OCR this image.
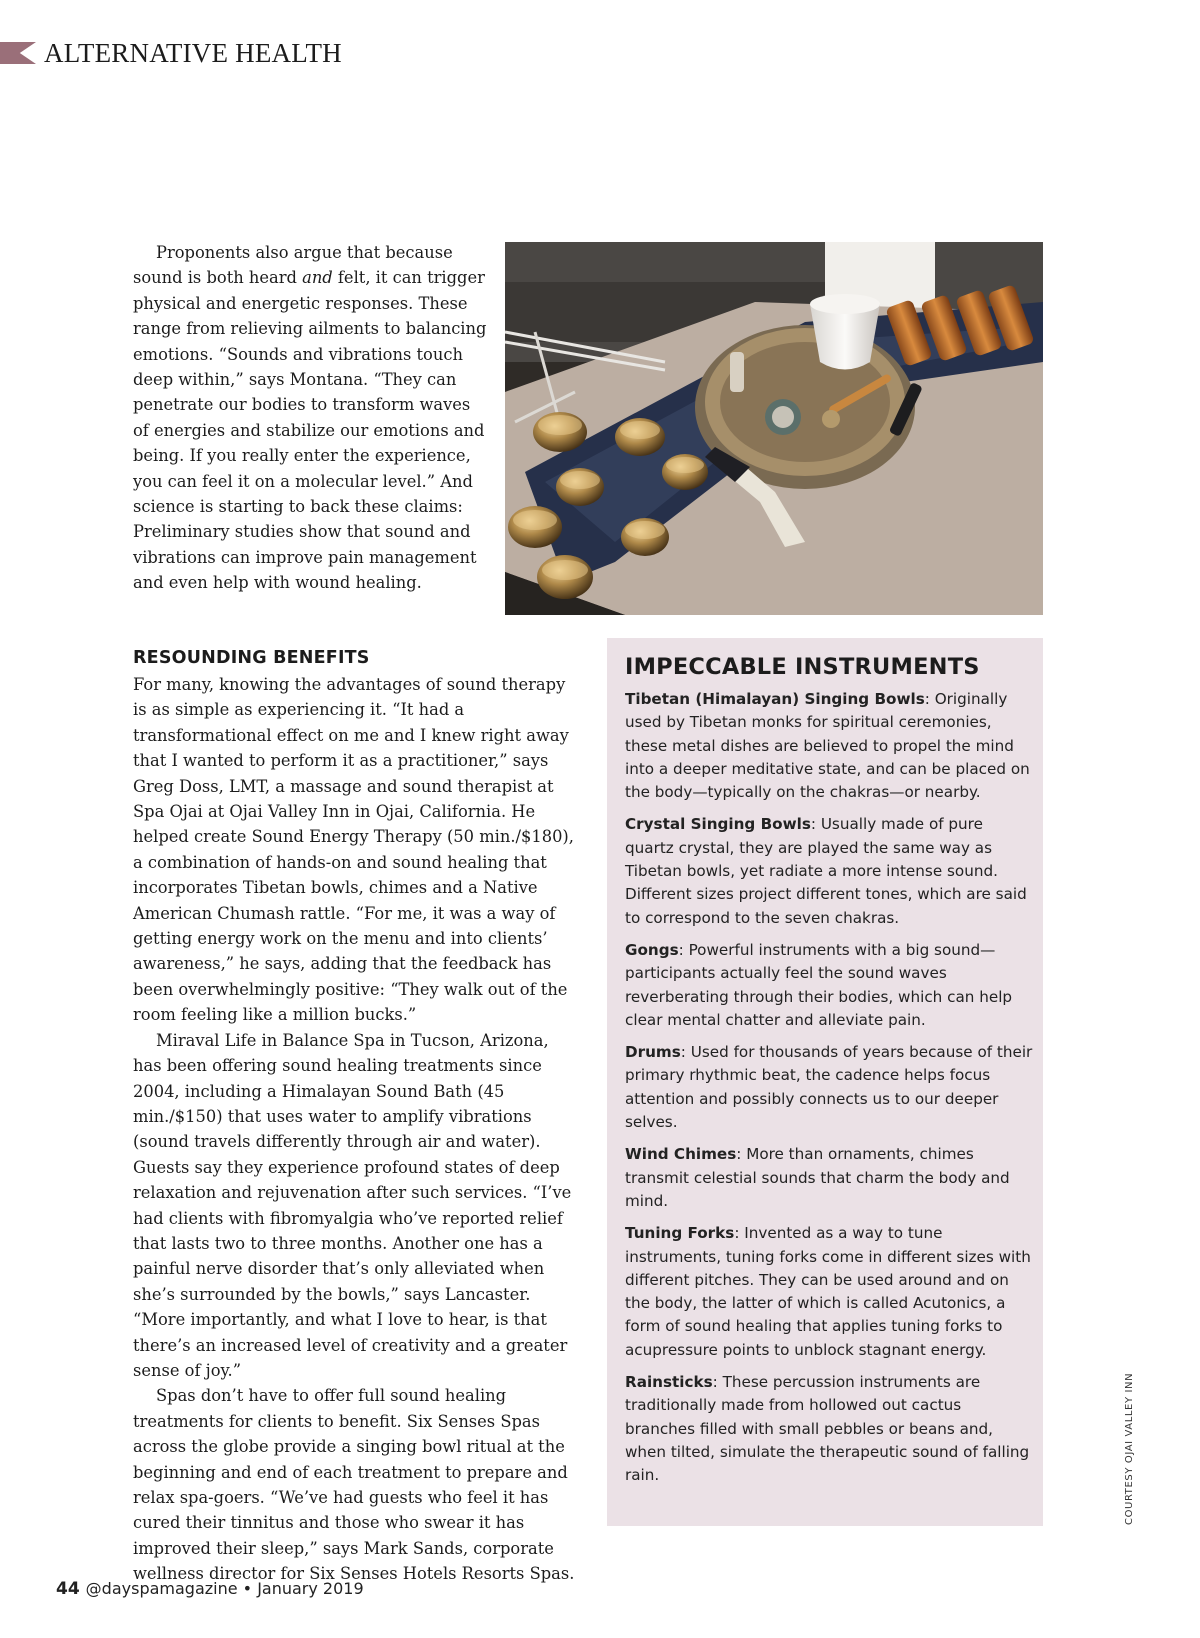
ALTERNATIVE HEALTH

Proponents also argue that because sound is both heard and felt, it can trigger physical and energetic responses. These range from relieving ailments to balancing emotions. “Sounds and vibrations touch deep within,” says Montana. “They can penetrate our bodies to transform waves of energies and stabilize our emotions and being. If you really enter the experience, you can feel it on a molecular level.” And science is starting to back these claims: Preliminary studies show that sound and vibrations can improve pain management and even help with wound healing.

RESOUNDING BENEFITS

For many, knowing the advantages of sound therapy is as simple as experiencing it. “It had a transformational effect on me and I knew right away that I wanted to perform it as a practitioner,” says Greg Doss, LMT, a massage and sound therapist at Spa Ojai at Ojai Valley Inn in Ojai, California. He helped create Sound Energy Therapy (50 min./$180), a combination of hands-on and sound healing that incorporates Tibetan bowls, chimes and a Native American Chumash rattle. “For me, it was a way of getting energy work on the menu and into clients’ awareness,” he says, adding that the feedback has been overwhelmingly positive: “They walk out of the room feeling like a million bucks.”

Miraval Life in Balance Spa in Tucson, Arizona, has been offering sound healing treatments since 2004, including a Himalayan Sound Bath (45 min./$150) that uses water to amplify vibrations (sound travels differently through air and water). Guests say they experience profound states of deep relaxation and rejuvenation after such services. “I’ve had clients with fibromyalgia who’ve reported relief that lasts two to three months. Another one has a painful nerve disorder that’s only alleviated when she’s surrounded by the bowls,” says Lancaster. “More importantly, and what I love to hear, is that there’s an increased level of creativity and a greater sense of joy.”

Spas don’t have to offer full sound healing treatments for clients to benefit. Six Senses Spas across the globe provide a singing bowl ritual at the beginning and end of each treatment to prepare and relax spa-goers. “We’ve had guests who feel it has cured their tinnitus and those who swear it has improved their sleep,” says Mark Sands, corporate wellness director for Six Senses Hotels Resorts Spas.

IMPECCABLE INSTRUMENTS

Tibetan (Himalayan) Singing Bowls: Originally used by Tibetan monks for spiritual ceremonies, these metal dishes are believed to propel the mind into a deeper meditative state, and can be placed on the body—typically on the chakras—or nearby.

Crystal Singing Bowls: Usually made of pure quartz crystal, they are played the same way as Tibetan bowls, yet radiate a more intense sound. Different sizes project different tones, which are said to correspond to the seven chakras.

Gongs: Powerful instruments with a big sound—participants actually feel the sound waves reverberating through their bodies, which can help clear mental chatter and alleviate pain.

Drums: Used for thousands of years because of their primary rhythmic beat, the cadence helps focus attention and possibly connects us to our deeper selves.

Wind Chimes: More than ornaments, chimes transmit celestial sounds that charm the body and mind.

Tuning Forks: Invented as a way to tune instruments, tuning forks come in different sizes with different pitches. They can be used around and on the body, the latter of which is called Acutonics, a form of sound healing that applies tuning forks to acupressure points to unblock stagnant energy.

Rainsticks: These percussion instruments are traditionally made from hollowed out cactus branches filled with small pebbles or beans and, when tilted, simulate the therapeutic sound of falling rain.	COURTESY OJAI VALLEY INN
44 @dayspamagazine • January 2019
